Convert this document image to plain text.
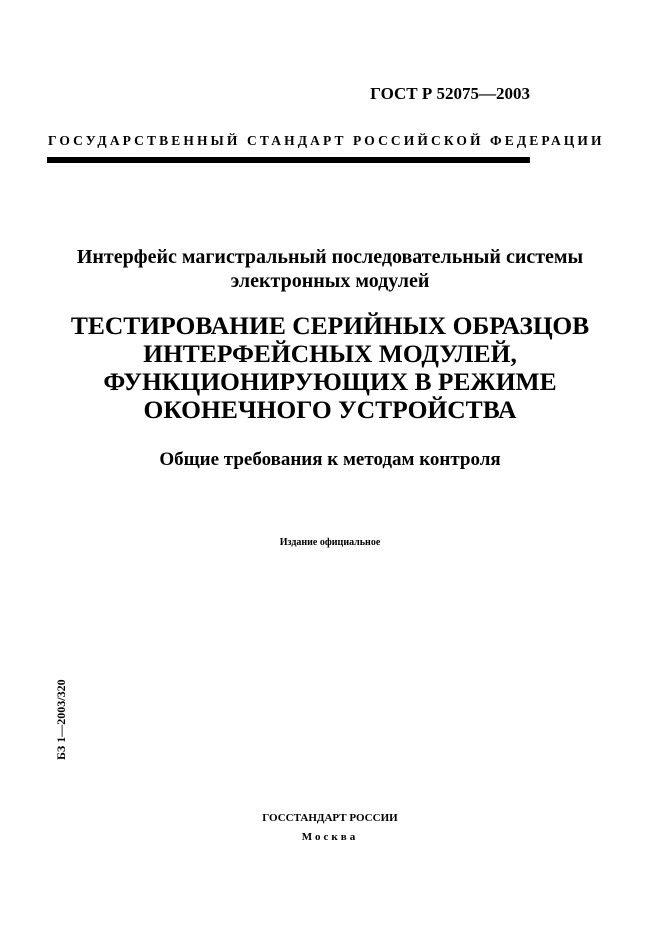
ГОСТ Р 52075—2003
ГОСУДАРСТВЕННЫЙ СТАНДАРТ РОССИЙСКОЙ ФЕДЕРАЦИИ
Интерфейс магистральный последовательный системы
электронных модулей
ТЕСТИРОВАНИЕ СЕРИЙНЫХ ОБРАЗЦОВ
ИНТЕРФЕЙСНЫХ МОДУЛЕЙ,
ФУНКЦИОНИРУЮЩИХ В РЕЖИМЕ
ОКОНЕЧНОГО УСТРОЙСТВА
Общие требования к методам контроля
Издание официальное
БЗ 1—2003/320
ГОССТАНДАРТ РОССИИ
Москва
